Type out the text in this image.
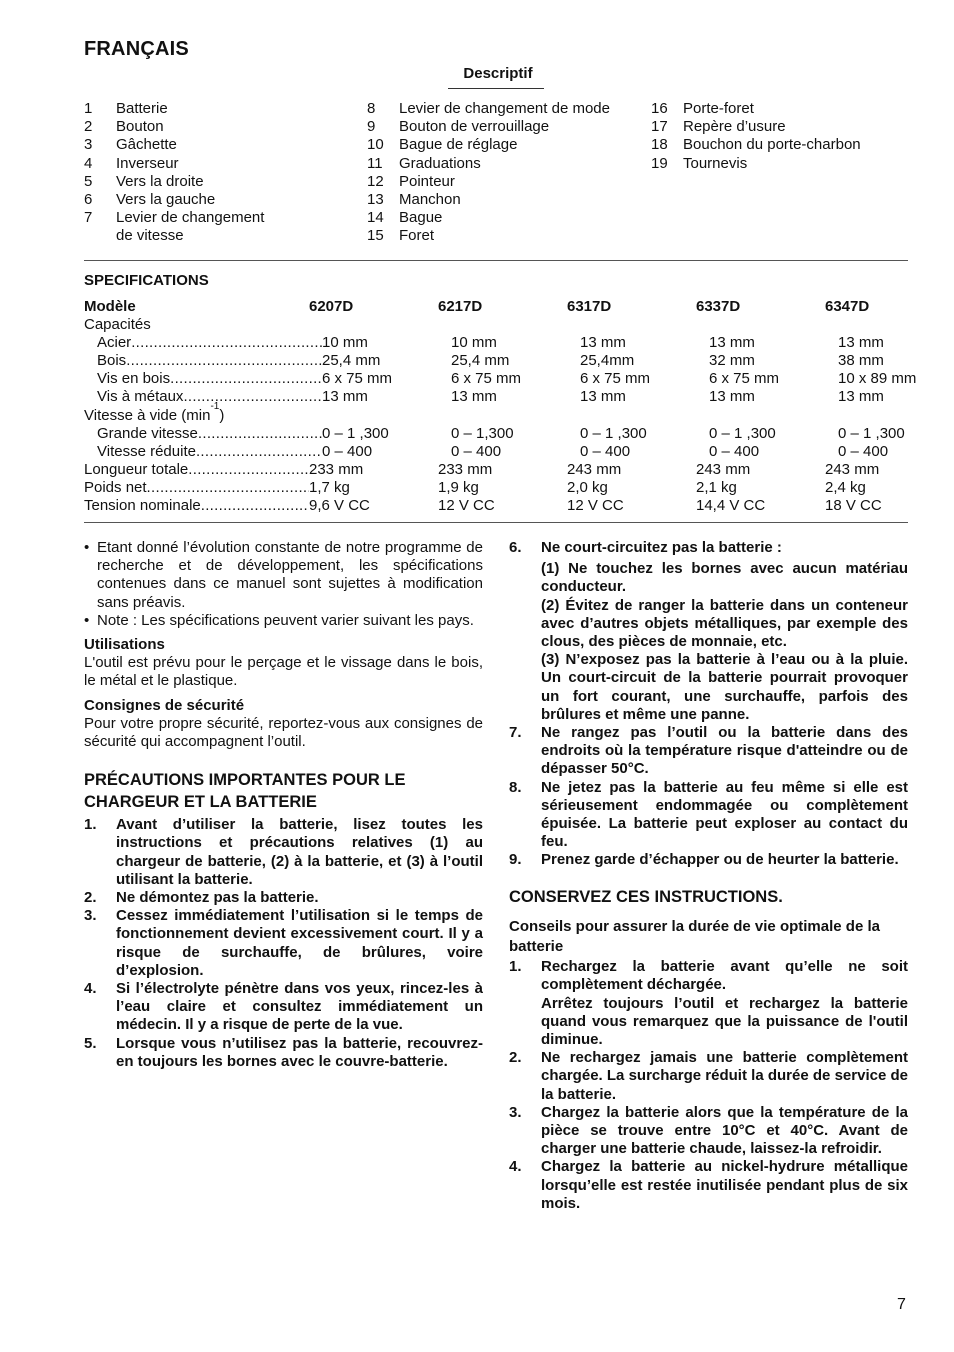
FRANÇAIS
Descriptif
1	Batterie
2	Bouton
3	Gâchette
4	Inverseur
5	Vers la droite
6	Vers la gauche
7	Levier de changement
de vitesse
8	Levier de changement de mode
9	Bouton de verrouillage
10	Bague de réglage
11	Graduations
12	Pointeur
13	Manchon
14	Bague
15	Foret
16	Porte-foret
17	Repère d’usure
18	Bouchon du porte-charbon
19	Tournevis
SPECIFICATIONS
Modèle	6207D	6217D	6317D	6337D	6347D
Capacités
Acier .....	10 mm	10 mm	13 mm	13 mm	13 mm
Bois .....	25,4 mm	25,4 mm	25,4mm	32 mm	38 mm
Vis en bois .....	6 x 75 mm	6 x 75 mm	6 x 75 mm	6 x 75 mm	10 x 89 mm
Vis à métaux .....	13 mm	13 mm	13 mm	13 mm	13 mm
Vitesse à vide (min
-1
)
Grande vitesse .....	0 – 1 ,300	0 – 1,300	0 – 1 ,300	0 – 1 ,300	0 – 1 ,300
Vitesse réduite .....	0 – 400	0 – 400	0 – 400	0 – 400	0 – 400
Longueur totale .....	233 mm	233 mm	243 mm	243 mm	243 mm
Poids net .....	1,7 kg	1,9 kg	2,0 kg	2,1 kg	2,4 kg
Tension nominale .....	9,6 V CC	12 V CC	12 V CC	14,4 V CC	18 V CC
• Etant donné l’évolution constante de notre programme de recherche et de développement, les spécifications contenues dans ce manuel sont sujettes à modification sans préavis.
• Note : Les spécifications peuvent varier suivant les pays.
Utilisations
L'outil est prévu pour le perçage et le vissage dans le bois, le métal et le plastique.
Consignes de sécurité
Pour votre propre sécurité, reportez-vous aux consignes de sécurité qui accompagnent l’outil.
PRÉCAUTIONS IMPORTANTES POUR LE CHARGEUR ET LA BATTERIE
1.	Avant d’utiliser la batterie, lisez toutes les instructions et précautions relatives (1) au chargeur de batterie, (2) à la batterie, et (3) à l’outil utilisant la batterie.
2.	Ne démontez pas la batterie.
3.	Cessez immédiatement l’utilisation si le temps de fonctionnement devient excessivement court. Il y a risque de surchauffe, de brûlures, voire d’explosion.
4.	Si l’électrolyte pénètre dans vos yeux, rincez-les à l’eau claire et consultez immédiatement un médecin. Il y a risque de perte de la vue.
5.	Lorsque vous n’utilisez pas la batterie, recouvrez-en toujours les bornes avec le couvre-batterie.
6.	Ne court-circuitez pas la batterie :
(1) Ne touchez les bornes avec aucun matériau conducteur.
(2) Évitez de ranger la batterie dans un conteneur avec d’autres objets métalliques, par exemple des clous, des pièces de monnaie, etc.
(3) N’exposez pas la batterie à l’eau ou à la pluie. Un court-circuit de la batterie pourrait provoquer un fort courant, une surchauffe, parfois des brûlures et même une panne.
7.	Ne rangez pas l’outil ou la batterie dans des endroits où la température risque d'atteindre ou de dépasser 50°C.
8.	Ne jetez pas la batterie au feu même si elle est sérieusement endommagée ou complètement épuisée. La batterie peut exploser au contact du feu.
9.	Prenez garde d’échapper ou de heurter la batterie.
CONSERVEZ CES INSTRUCTIONS.
Conseils pour assurer la durée de vie optimale de la batterie
1.	Rechargez la batterie avant qu’elle ne soit complètement déchargée.
Arrêtez toujours l’outil et rechargez la batterie quand vous remarquez que la puissance de l'outil diminue.
2.	Ne rechargez jamais une batterie complètement chargée. La surcharge réduit la durée de service de la batterie.
3.	Chargez la batterie alors que la température de la pièce se trouve entre 10°C et 40°C. Avant de charger une batterie chaude, laissez-la refroidir.
4.	Chargez la batterie au nickel-hydrure métallique lorsqu’elle est restée inutilisée pendant plus de six mois.
7
